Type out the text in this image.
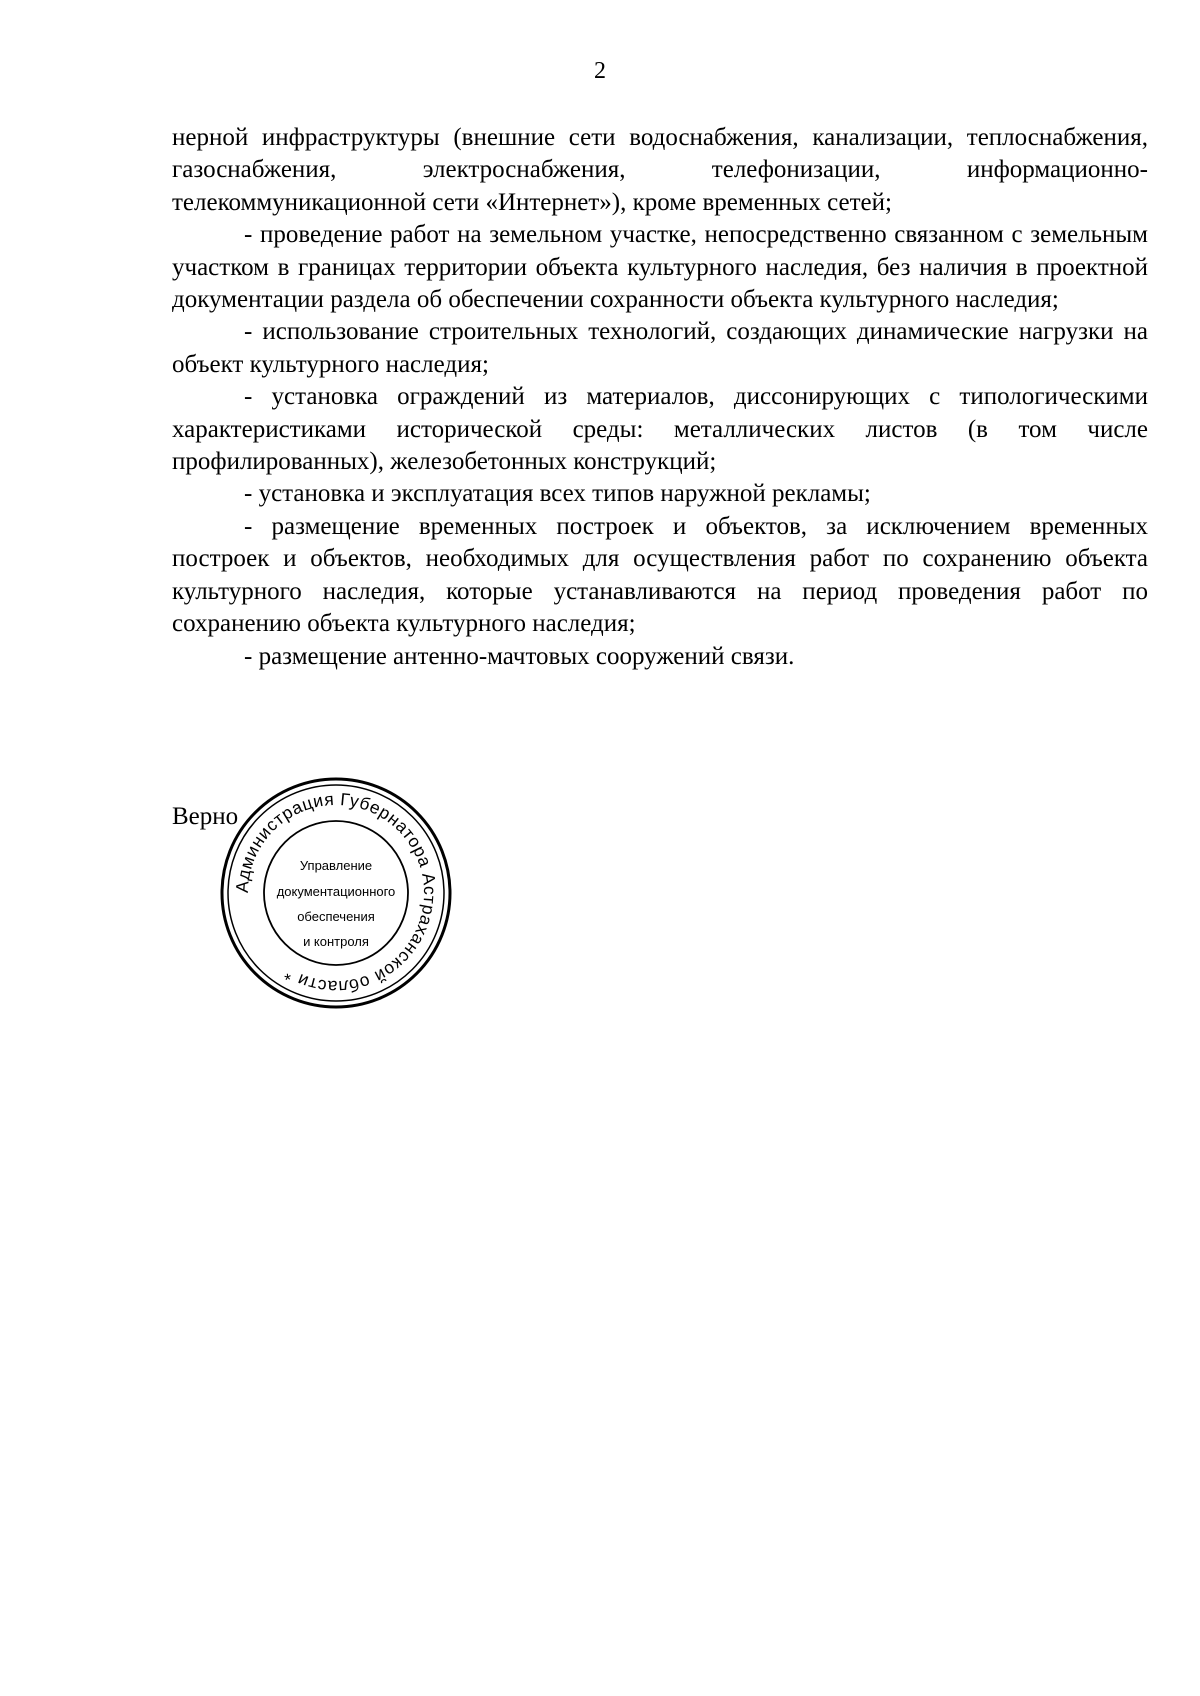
2

нерной инфраструктуры (внешние сети водоснабжения, канализации, теплоснабжения, газоснабжения, электроснабжения, телефонизации, информационно-телекоммуникационной сети «Интернет»), кроме временных сетей;

- проведение работ на земельном участке, непосредственно связанном с земельным участком в границах территории объекта культурного наследия, без наличия в проектной документации раздела об обеспечении сохранности объекта культурного наследия;

- использование строительных технологий, создающих динамические нагрузки на объект культурного наследия;

- установка ограждений из материалов, диссонирующих с типологическими характеристиками исторической среды: металлических листов (в том числе профилированных), железобетонных конструкций;

- установка и эксплуатация всех типов наружной рекламы;

- размещение временных построек и объектов, за исключением временных построек и объектов, необходимых для осуществления работ по сохранению объекта культурного наследия, которые устанавливаются на период проведения работ по сохранению объекта культурного наследия;

- размещение антенно-мачтовых сооружений связи.

Верно
Администрация Губернатора Астраханской области *
Управление
документационного
обеспечения
и контроля
